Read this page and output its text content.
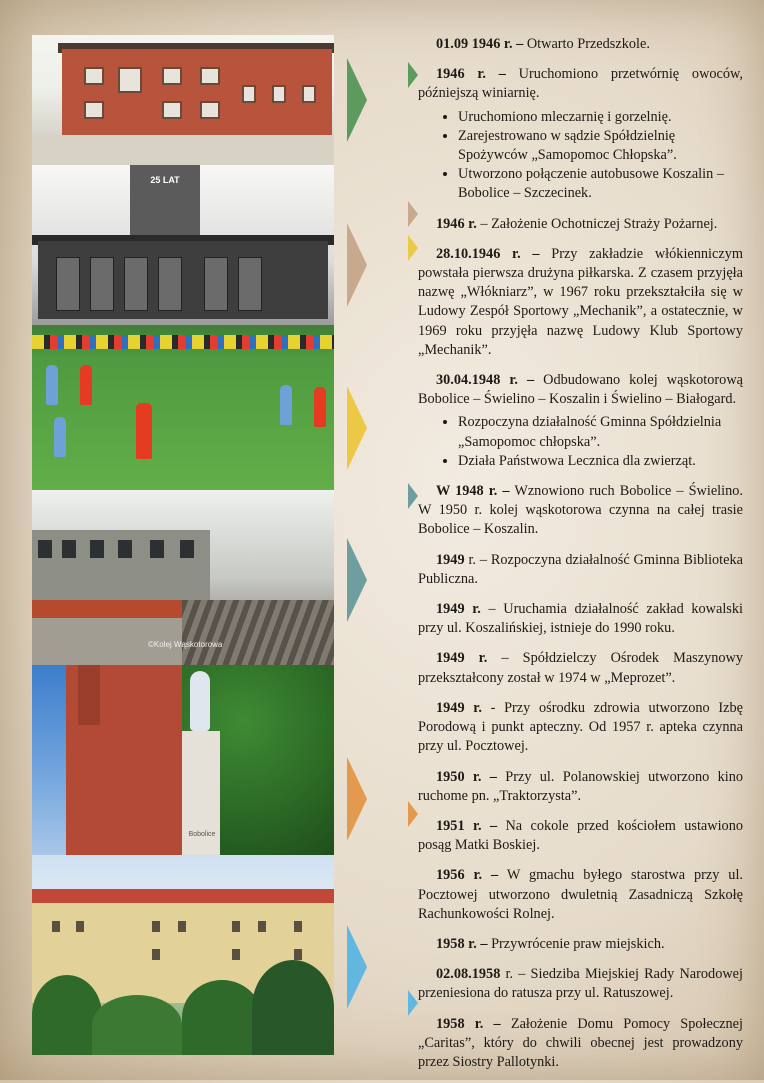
25 LAT
©Kolej Wąskotorowa
Bobolice

01.09 1946 r. – Otwarto Przedszkole.

1946 r. – Uruchomiono przetwórnię owoców, późniejszą winiarnię.

• Uruchomiono mleczarnię i gorzelnię.
• Zarejestrowano w sądzie Spółdzielnię Spożywców „Samopomoc Chłopska”.
• Utworzono połączenie autobusowe Koszalin – Bobolice – Szczecinek.

1946 r. – Założenie Ochotniczej Straży Pożarnej.

28.10.1946 r. – Przy zakładzie włókienniczym powstała pierwsza drużyna piłkarska. Z czasem przyjęła nazwę „Włókniarz”, w 1967 roku przekształciła się w Ludowy Zespół Sportowy „Mechanik”, a ostatecznie, w 1969 roku przyjęła nazwę Ludowy Klub Sportowy „Mechanik”.

30.04.1948 r. – Odbudowano kolej wąskotorową Bobolice – Świelino – Koszalin i Świelino – Białogard.

• Rozpoczyna działalność Gminna Spółdzielnia „Samopomoc chłopska”.
• Działa Państwowa Lecznica dla zwierząt.

W 1948 r. – Wznowiono ruch Bobolice – Świelino. W 1950 r. kolej wąskotorowa czynna na całej trasie Bobolice – Koszalin.

1949 r. – Rozpoczyna działalność Gminna Biblioteka Publiczna.

1949 r. – Uruchamia działalność zakład kowalski przy ul. Koszalińskiej, istnieje do 1990 roku.

1949 r. – Spółdzielczy Ośrodek Maszynowy przekształcony został w 1974 w „Meprozet”.

1949 r. - Przy ośrodku zdrowia utworzono Izbę Porodową i punkt apteczny. Od 1957 r. apteka czynna przy ul. Pocztowej.

1950 r. – Przy ul. Polanowskiej utworzono kino ruchome pn. „Traktorzysta”.

1951 r. – Na cokole przed kościołem ustawiono posąg Matki Boskiej.

1956 r. – W gmachu byłego starostwa przy ul. Pocztowej utworzono dwuletnią Zasadniczą Szkołę Rachunkowości Rolnej.

1958 r. – Przywrócenie praw miejskich.

02.08.1958 r. – Siedziba Miejskiej Rady Narodowej przeniesiona do ratusza przy ul. Ratuszowej.

1958 r. – Założenie Domu Pomocy Społecznej „Caritas”, który do chwili obecnej jest prowadzony przez Siostry Pallotynki.
